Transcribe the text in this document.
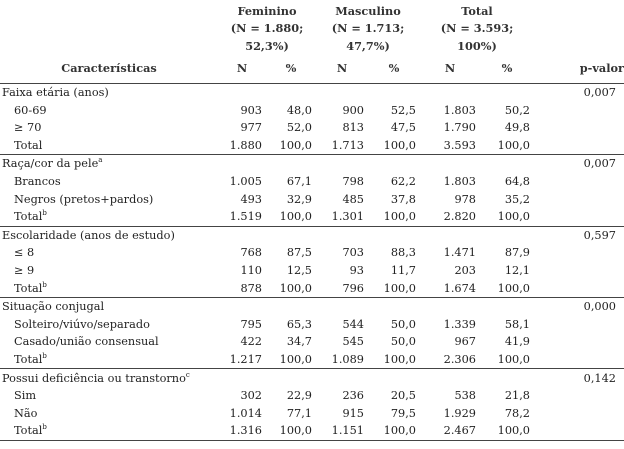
	Feminino		Masculino		Total		
	(N = 1.880;		(N = 1.713;		(N = 3.593;		
	52,3%)		47,7%)		100%)		
Características	N	%	N	%	N	%	p-valor
Faixa etária (anos)							0,007
60-69	903	48,0	900	52,5	1.803	50,2	
≥ 70	977	52,0	813	47,5	1.790	49,8	
Total	1.880	100,0	1.713	100,0	3.593	100,0	
Raça/cor da pele$^a$							0,007
Brancos	1.005	67,1	798	62,2	1.803	64,8	
Negros (pretos+pardos)	493	32,9	485	37,8	978	35,2	
Total$^b$	1.519	100,0	1.301	100,0	2.820	100,0	
Escolaridade (anos de estudo)							0,597
≤ 8	768	87,5	703	88,3	1.471	87,9	
≥ 9	110	12,5	93	11,7	203	12,1	
Total$^b$	878	100,0	796	100,0	1.674	100,0	
Situação conjugal							0,000
Solteiro/viúvo/separado	795	65,3	544	50,0	1.339	58,1	
Casado/união consensual	422	34,7	545	50,0	967	41,9	
Total$^b$	1.217	100,0	1.089	100,0	2.306	100,0	
Possui deficiência ou transtorno$^c$							0,142
Sim	302	22,9	236	20,5	538	21,8	
Não	1.014	77,1	915	79,5	1.929	78,2	
Total$^b$	1.316	100,0	1.151	100,0	2.467	100,0	
